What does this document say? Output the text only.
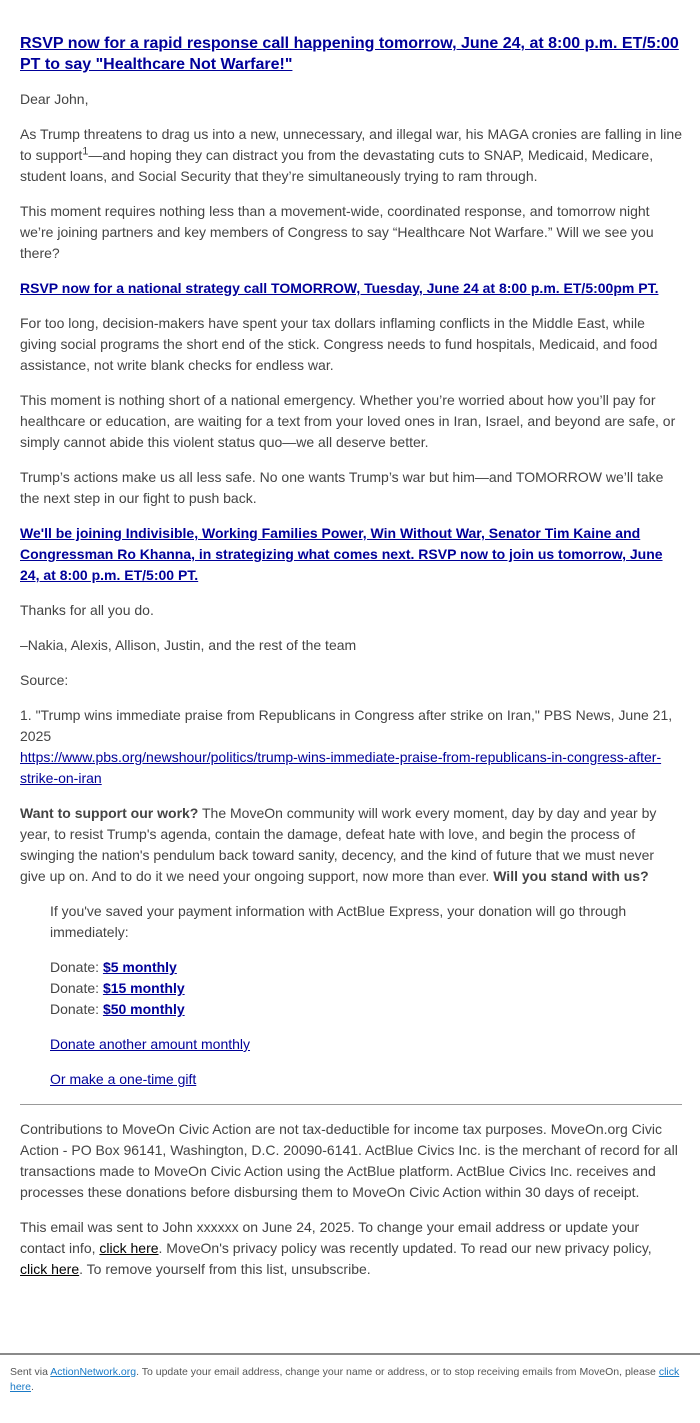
RSVP now for a rapid response call happening tomorrow, June 24, at 8:00 p.m. ET/5:00 PT to say "Healthcare Not Warfare!"

Dear John,

As Trump threatens to drag us into a new, unnecessary, and illegal war, his MAGA cronies are falling in line to support$^1$—and hoping they can distract you from the devastating cuts to SNAP, Medicaid, Medicare, student loans, and Social Security that they’re simultaneously trying to ram through.

This moment requires nothing less than a movement-wide, coordinated response, and tomorrow night we’re joining partners and key members of Congress to say “Healthcare Not Warfare.” Will we see you there?

RSVP now for a national strategy call TOMORROW, Tuesday, June 24 at 8:00 p.m. ET/5:00pm PT.

For too long, decision-makers have spent your tax dollars inflaming conflicts in the Middle East, while giving social programs the short end of the stick. Congress needs to fund hospitals, Medicaid, and food assistance, not write blank checks for endless war.

This moment is nothing short of a national emergency. Whether you’re worried about how you’ll pay for healthcare or education, are waiting for a text from your loved ones in Iran, Israel, and beyond are safe, or simply cannot abide this violent status quo—we all deserve better.

Trump’s actions make us all less safe. No one wants Trump’s war but him—and TOMORROW we’ll take the next step in our fight to push back.

We'll be joining Indivisible, Working Families Power, Win Without War, Senator Tim Kaine and Congressman Ro Khanna, in strategizing what comes next. RSVP now to join us tomorrow, June 24, at 8:00 p.m. ET/5:00 PT.

Thanks for all you do.

–Nakia, Alexis, Allison, Justin, and the rest of the team

Source:

1. "Trump wins immediate praise from Republicans in Congress after strike on Iran," PBS News, June 21, 2025
https://www.pbs.org/newshour/politics/trump-wins-immediate-praise-from-republicans-in-congress-after-strike-on-iran

Want to support our work? The MoveOn community will work every moment, day by day and year by year, to resist Trump's agenda, contain the damage, defeat hate with love, and begin the process of swinging the nation's pendulum back toward sanity, decency, and the kind of future that we must never give up on. And to do it we need your ongoing support, now more than ever. Will you stand with us?

If you've saved your payment information with ActBlue Express, your donation will go through immediately:

Donate: $5 monthly
Donate: $15 monthly
Donate: $50 monthly

Donate another amount monthly

Or make a one-time gift

Contributions to MoveOn Civic Action are not tax-deductible for income tax purposes. MoveOn.org Civic Action - PO Box 96141, Washington, D.C. 20090-6141. ActBlue Civics Inc. is the merchant of record for all transactions made to MoveOn Civic Action using the ActBlue platform. ActBlue Civics Inc. receives and processes these donations before disbursing them to MoveOn Civic Action within 30 days of receipt.

This email was sent to John xxxxxx on June 24, 2025. To change your email address or update your contact info, click here. MoveOn's privacy policy was recently updated. To read our new privacy policy, click here. To remove yourself from this list, unsubscribe.

Sent via ActionNetwork.org. To update your email address, change your name or address, or to stop receiving emails from MoveOn, please click here.
